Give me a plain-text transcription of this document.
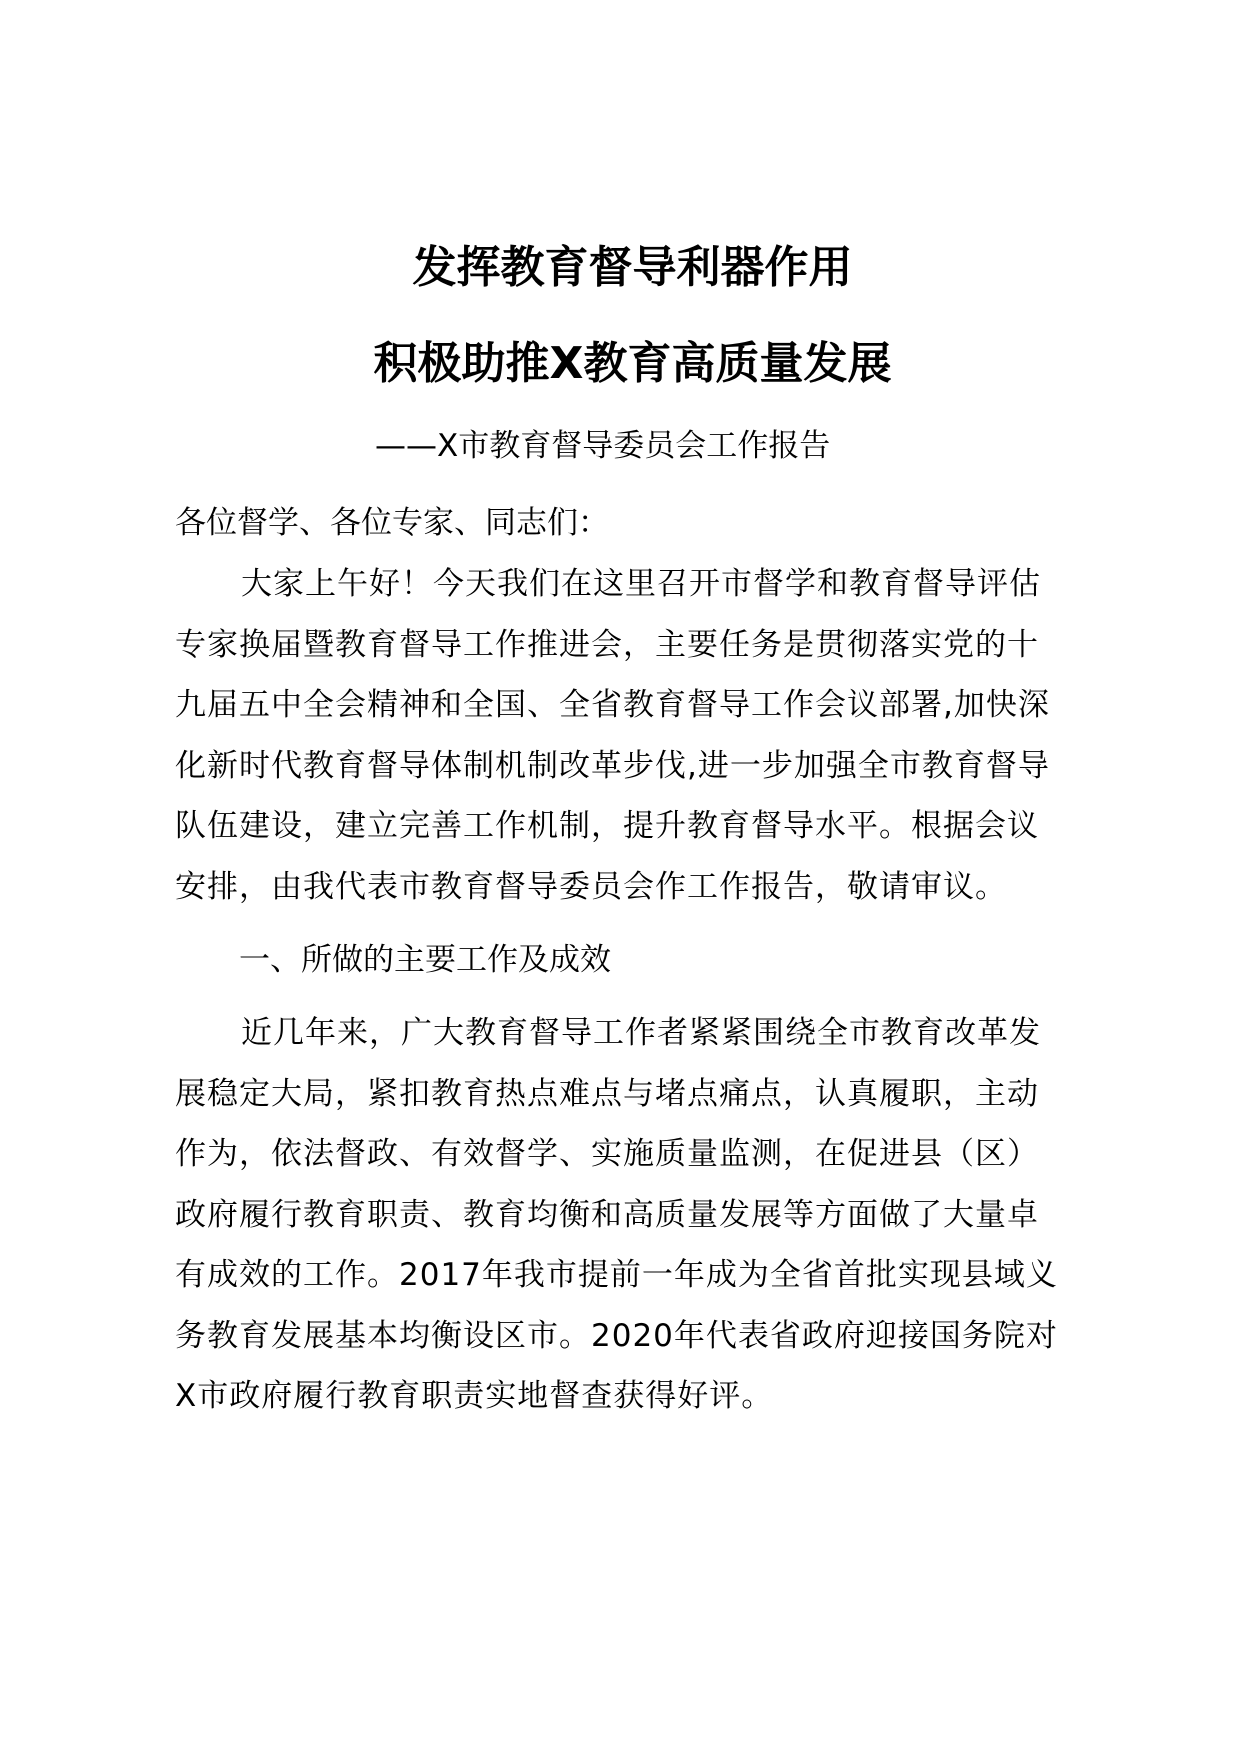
发挥教育督导利器作用
积极助推X教育高质量发展

——X市教育督导委员会工作报告

各位督学、各位专家、同志们：

大家上午好！今天我们在这里召开市督学和教育督导评估
专家换届暨教育督导工作推进会，主要任务是贯彻落实党的十
九届五中全会精神和全国、全省教育督导工作会议部署,加快深
化新时代教育督导体制机制改革步伐,进一步加强全市教育督导
队伍建设，建立完善工作机制，提升教育督导水平。根据会议
安排，由我代表市教育督导委员会作工作报告，敬请审议。

一、所做的主要工作及成效

近几年来，广大教育督导工作者紧紧围绕全市教育改革发
展稳定大局，紧扣教育热点难点与堵点痛点，认真履职，主动
作为，依法督政、有效督学、实施质量监测，在促进县（区）
政府履行教育职责、教育均衡和高质量发展等方面做了大量卓
有成效的工作。2017年我市提前一年成为全省首批实现县域义
务教育发展基本均衡设区市。2020年代表省政府迎接国务院对
X市政府履行教育职责实地督查获得好评。
